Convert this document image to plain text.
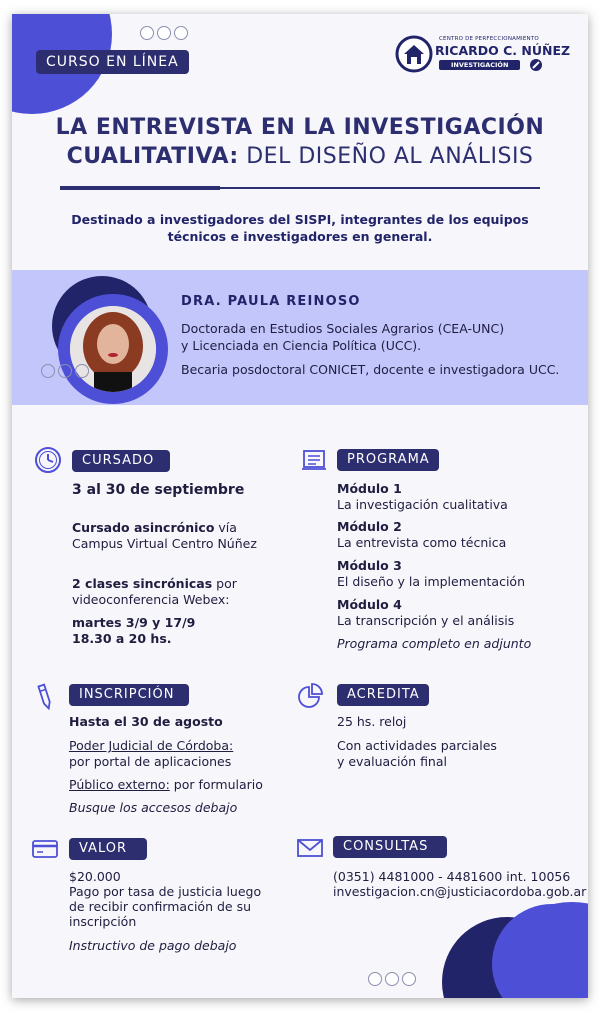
CURSO EN LÍNEA
CENTRO DE PERFECCIONAMIENTO
RICARDO C. NÚÑEZ
INVESTIGACIÓN
LA ENTREVISTA EN LA INVESTIGACIÓN
CUALITATIVA: DEL DISEÑO AL ANÁLISIS
Destinado a investigadores del SISPI, integrantes de los equipos
técnicos e investigadores en general.
DRA. PAULA REINOSO
Doctorada en Estudios Sociales Agrarios (CEA-UNC)
y Licenciada en Ciencia Política (UCC).
Becaria posdoctoral CONICET, docente e investigadora UCC.
CURSADO
3 al 30 de septiembre
Cursado asincrónico vía
Campus Virtual Centro Núñez
2 clases sincrónicas por
videoconferencia Webex:
martes 3/9 y 17/9
18.30 a 20 hs.
PROGRAMA
Módulo 1
La investigación cualitativa
Módulo 2
La entrevista como técnica
Módulo 3
El diseño y la implementación
Módulo 4
La transcripción y el análisis
Programa completo en adjunto
INSCRIPCIÓN
Hasta el 30 de agosto
Poder Judicial de Córdoba:
por portal de aplicaciones
Público externo: por formulario
Busque los accesos debajo
ACREDITA
25 hs. reloj
Con actividades parciales
y evaluación final
VALOR
$20.000
Pago por tasa de justicia luego
de recibir confirmación de su
inscripción
Instructivo de pago debajo
CONSULTAS
(0351) 4481000 - 4481600 int. 10056
investigacion.cn@justiciacordoba.gob.ar
